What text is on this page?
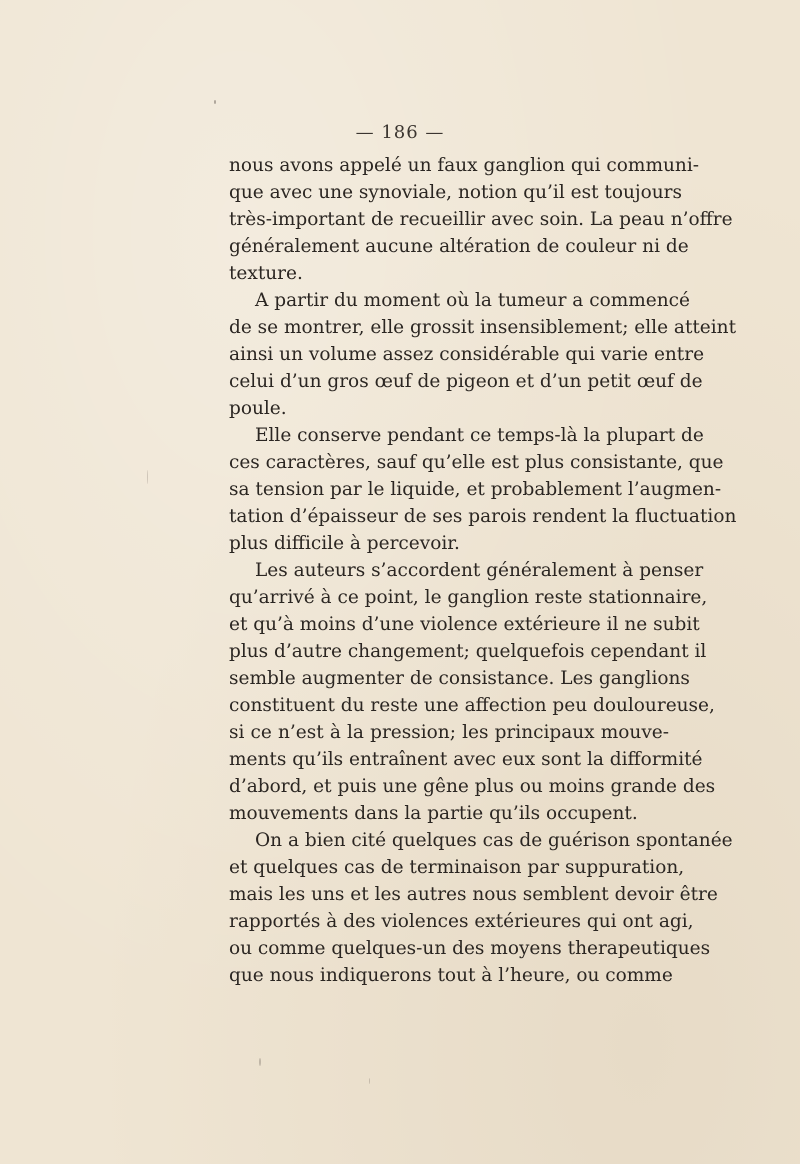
— 186 —
nous avons appelé un faux ganglion qui communi-
que avec une synoviale, notion qu’il est toujours
très-important de recueillir avec soin. La peau n’offre
généralement aucune altération de couleur ni de
texture.
A partir du moment où la tumeur a commencé
de se montrer, elle grossit insensiblement; elle atteint
ainsi un volume assez considérable qui varie entre
celui d’un gros œuf de pigeon et d’un petit œuf de
poule.
Elle conserve pendant ce temps-là la plupart de
ces caractères, sauf qu’elle est plus consistante, que
sa tension par le liquide, et probablement l’augmen-
tation d’épaisseur de ses parois rendent la fluctuation
plus difficile à percevoir.
Les auteurs s’accordent généralement à penser
qu’arrivé à ce point, le ganglion reste stationnaire,
et qu’à moins d’une violence extérieure il ne subit
plus d’autre changement; quelquefois cependant il
semble augmenter de consistance. Les ganglions
constituent du reste une affection peu douloureuse,
si ce n’est à la pression; les principaux mouve-
ments qu’ils entraînent avec eux sont la difformité
d’abord, et puis une gêne plus ou moins grande des
mouvements dans la partie qu’ils occupent.
On a bien cité quelques cas de guérison spontanée
et quelques cas de terminaison par suppuration,
mais les uns et les autres nous semblent devoir être
rapportés à des violences extérieures qui ont agi,
ou comme quelques-un des moyens therapeutiques
que nous indiquerons tout à l’heure, ou comme
